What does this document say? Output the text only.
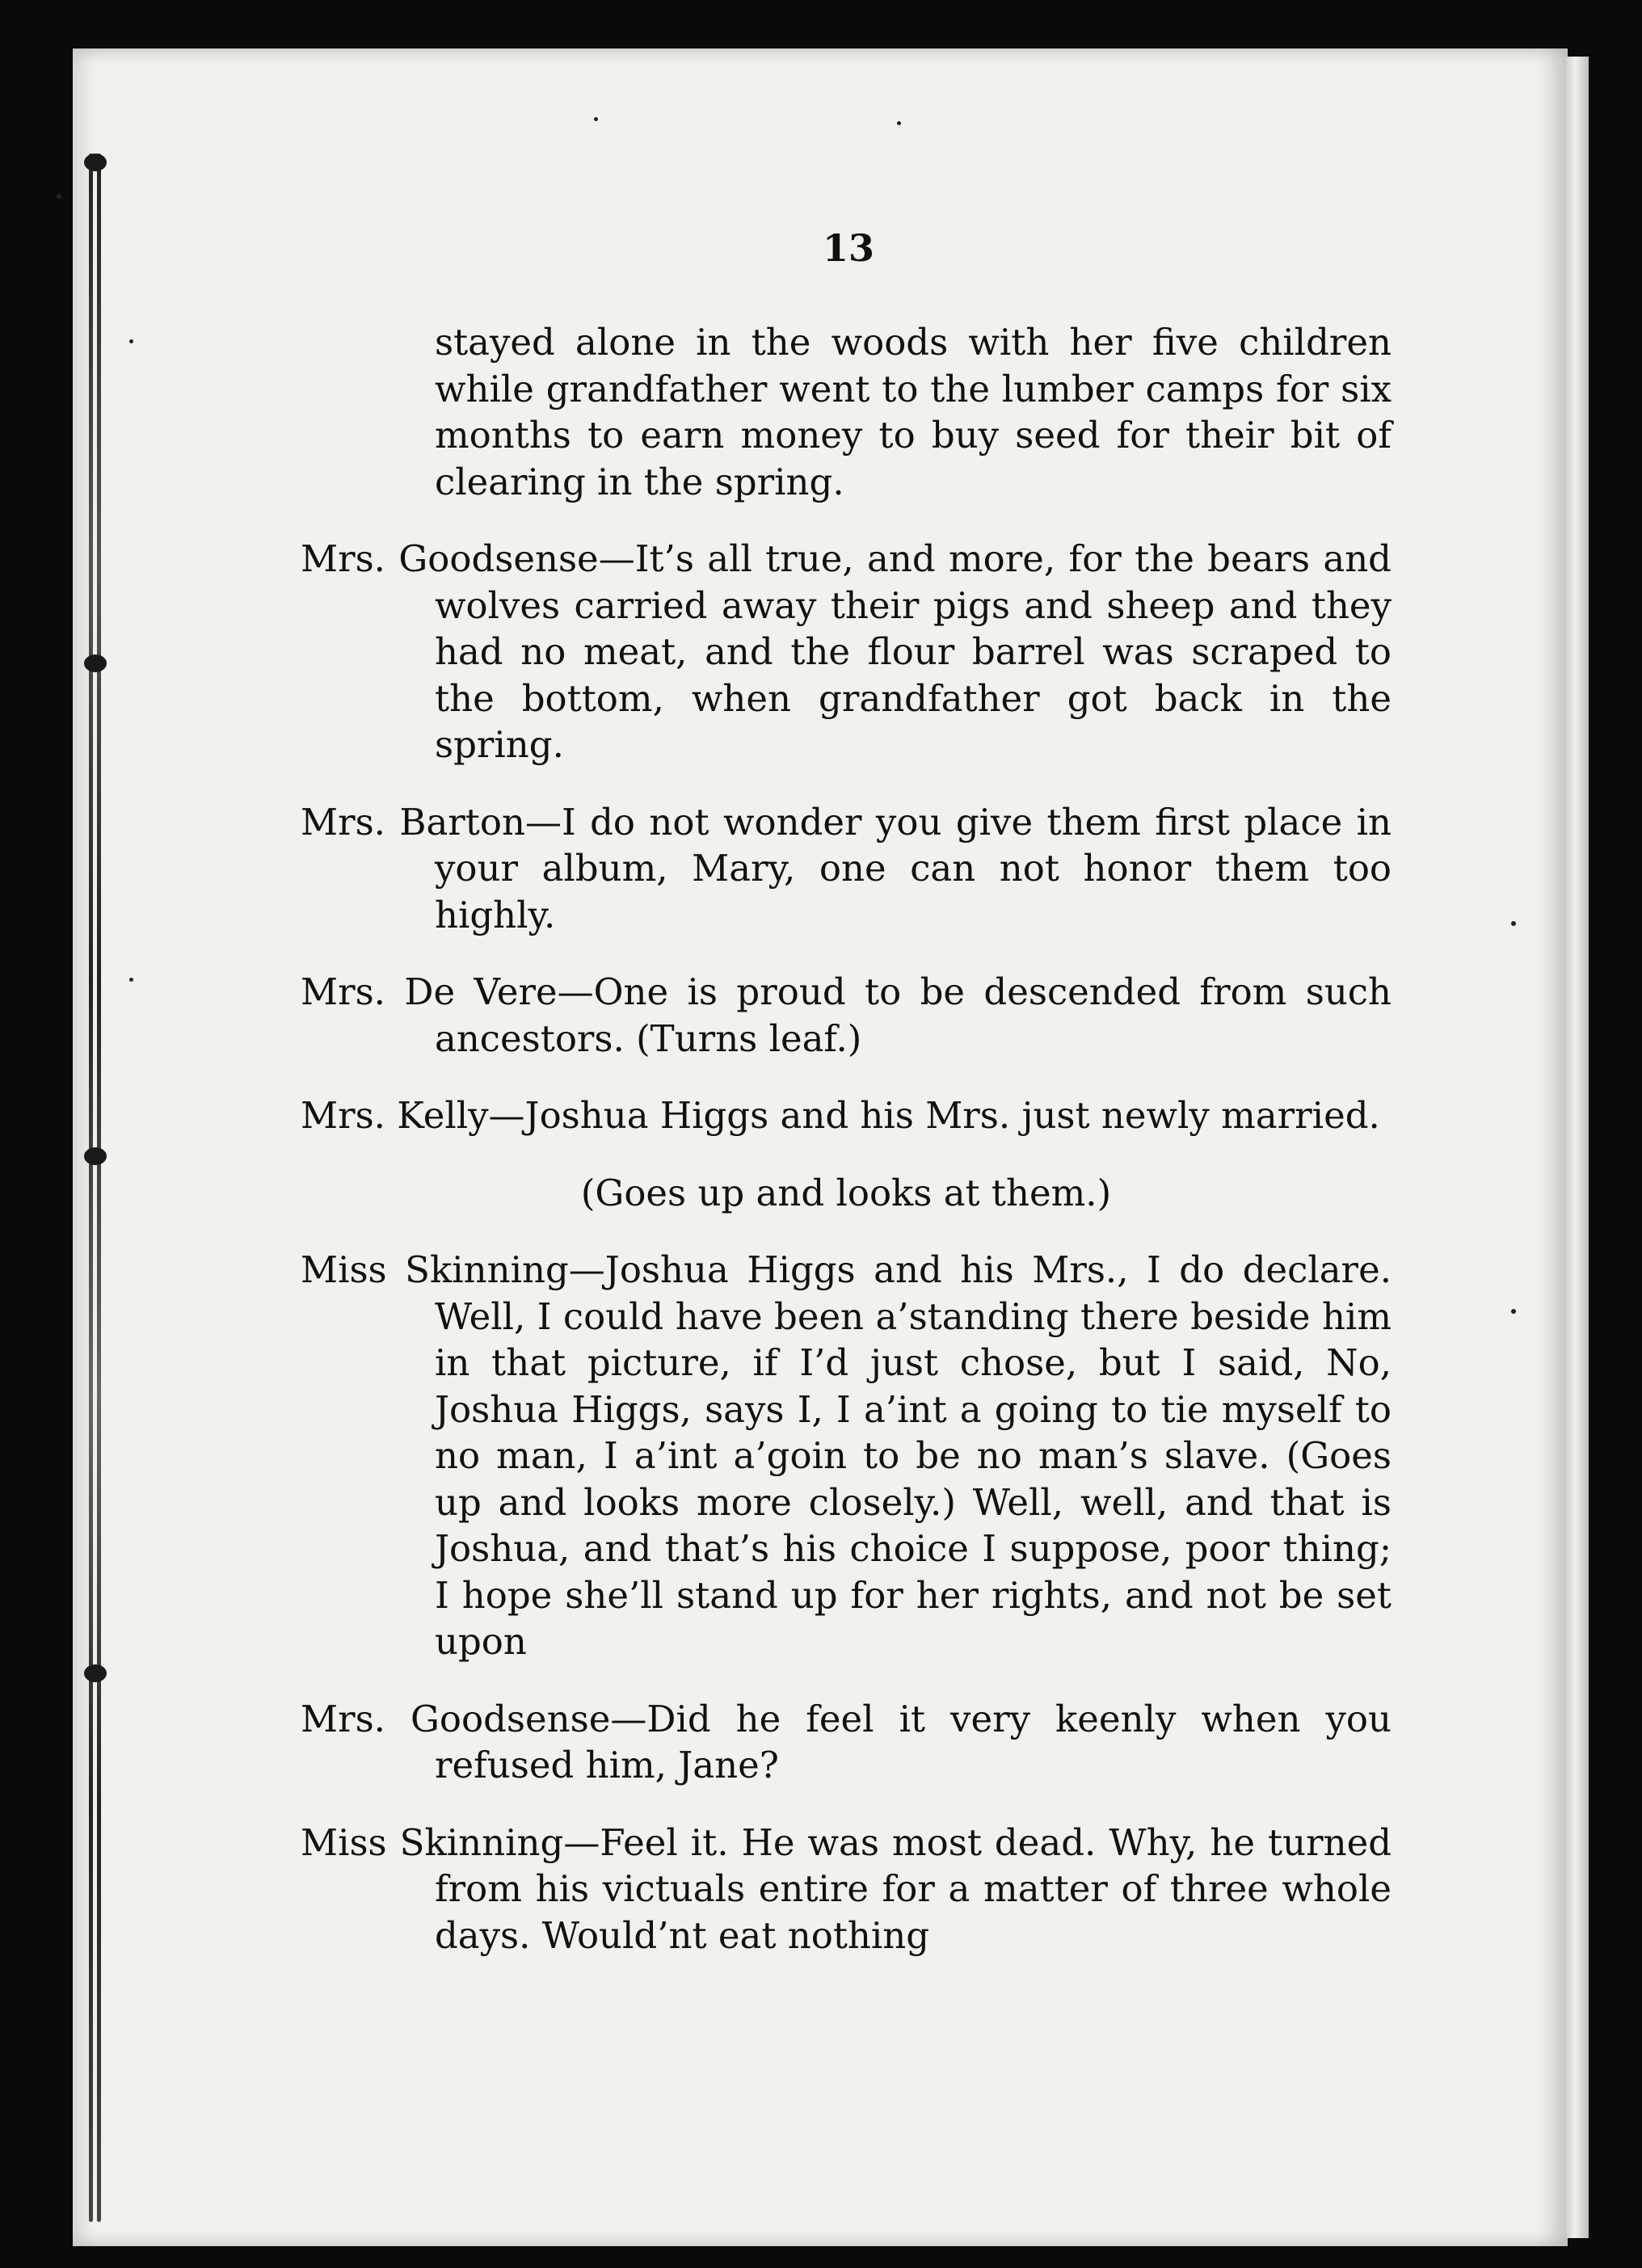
13

stayed alone in the woods with her five children while grandfather went to the lumber camps for six months to earn money to buy seed for their bit of clearing in the spring.

Mrs. Goodsense—It’s all true, and more, for the bears and wolves carried away their pigs and sheep and they had no meat, and the flour barrel was scraped to the bottom, when grandfather got back in the spring.

Mrs. Barton—I do not wonder you give them first place in your album, Mary, one can not honor them too highly.

Mrs. De Vere—One is proud to be descended from such ancestors. (Turns leaf.)

Mrs. Kelly—Joshua Higgs and his Mrs. just newly married.

(Goes up and looks at them.)

Miss Skinning—Joshua Higgs and his Mrs., I do declare. Well, I could have been a’standing there beside him in that picture, if I’d just chose, but I said, No, Joshua Higgs, says I, I a’int a going to tie myself to no man, I a’int a’goin to be no man’s slave. (Goes up and looks more closely.) Well, well, and that is Joshua, and that’s his choice I suppose, poor thing; I hope she’ll stand up for her rights, and not be set upon

Mrs. Goodsense—Did he feel it very keenly when you refused him, Jane?

Miss Skinning—Feel it. He was most dead. Why, he turned from his victuals entire for a matter of three whole days. Would’nt eat nothing
